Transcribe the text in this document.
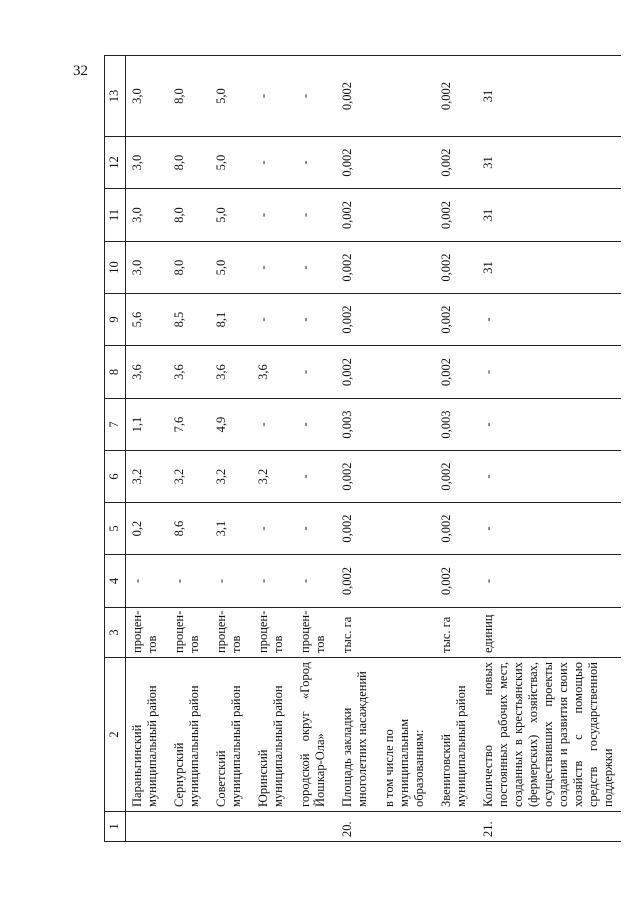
32
1	2	3	4	5	6	7	8	9	10	11	12	13
	Параньгинский муниципальный район	процен-тов	-	0,2	3,2	1,1	3,6	5,6	3,0	3,0	3,0	3,0
	Сернурский муниципальный район	процен-тов	-	8,6	3,2	7,6	3,6	8,5	8,0	8,0	8,0	8,0
	Советский муниципальный район	процен-тов	-	3,1	3,2	4,9	3,6	8,1	5,0	5,0	5,0	5,0
	Юринский муниципальный район	процен-тов	-	-	3,2	-	3,6	-	-	-	-	-
	городской округ «Город Йошкар-Ола»	процен-тов	-	-	-	-	-	-	-	-	-	-
20.	Площадь закладки многолетних насаждений	тыс. га	0,002	0,002	0,002	0,003	0,002	0,002	0,002	0,002	0,002	0,002
	в том числе по муниципальным образованиям:											
	Звениговский муниципальный район	тыс. га	0,002	0,002	0,002	0,003	0,002	0,002	0,002	0,002	0,002	0,002
21.	Количество новых постоянных рабочих мест, созданных в крестьянских (фермерских) хозяйствах, осуществивших проекты создания и развития своих хозяйств с помощью средств государственной поддержки	единиц	-	-	-	-	-	-	31	31	31	31
